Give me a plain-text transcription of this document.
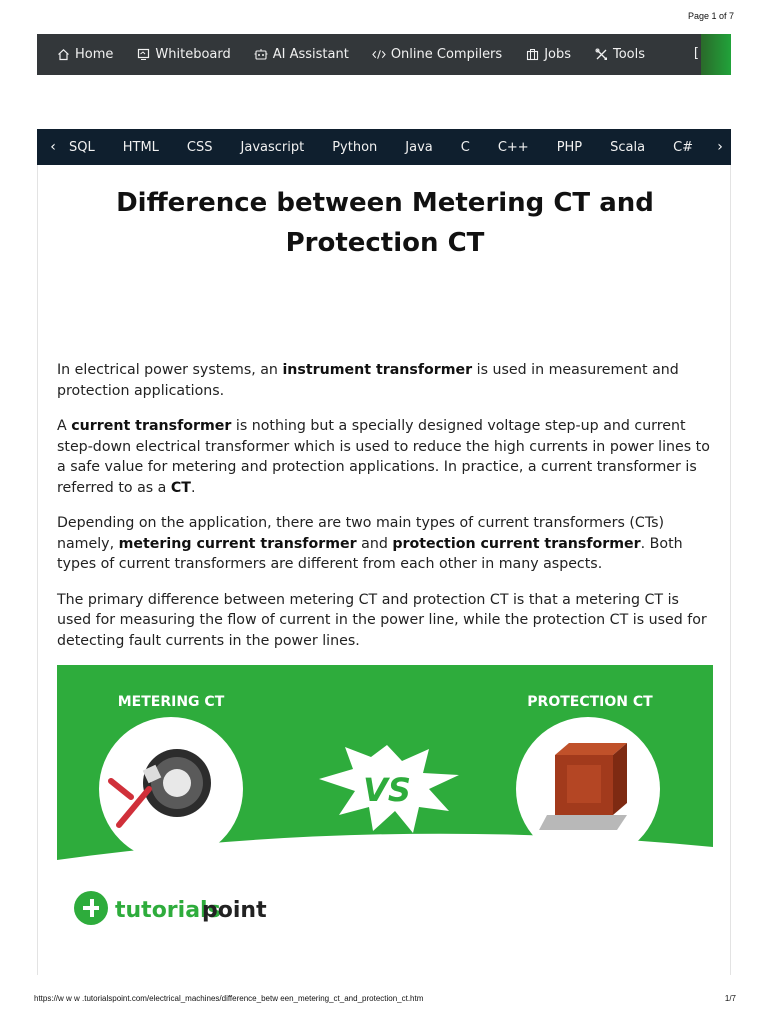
Page 1 of 7
Home	Whiteboard	AI Assistant	Online Compilers	Jobs	Tools	[
‹	SQL HTML CSS Javascript Python Java C C++ PHP Scala C#	›
Difference between Metering CT and Protection CT

In electrical power systems, an instrument transformer is used in measurement and protection applications.

A current transformer is nothing but a specially designed voltage step-up and current step-down electrical transformer which is used to reduce the high currents in power lines to a safe value for metering and protection applications. In practice, a current transformer is referred to as a CT.

Depending on the application, there are two main types of current transformers (CTs) namely, metering current transformer and protection current transformer. Both types of current transformers are different from each other in many aspects.

The primary difference between metering CT and protection CT is that a metering CT is used for measuring the flow of current in the power line, while the protection CT is used for detecting fault currents in the power lines.

METERING CT	PROTECTION CT
VS
tutorials
point
https://w w w .tutorialspoint.com/electrical_machines/difference_betw een_metering_ct_and_protection_ct.htm	1/7
